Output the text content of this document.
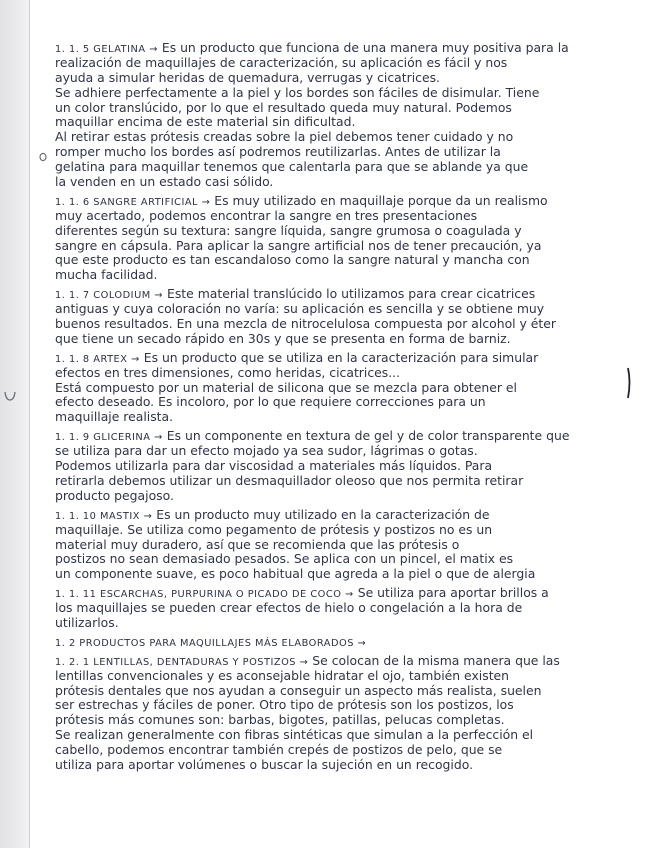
1. 1. 5 GELATINA → Es un producto que funciona de una manera muy positiva para la
realización de maquillajes de caracterización, su aplicación es fácil y nos
ayuda a simular heridas de quemadura, verrugas y cicatrices.
Se adhiere perfectamente a la piel y los bordes son fáciles de disimular. Tiene
un color translúcido, por lo que el resultado queda muy natural. Podemos
maquillar encima de este material sin dificultad.
Al retirar estas prótesis creadas sobre la piel debemos tener cuidado y no
romper mucho los bordes así podremos reutilizarlas. Antes de utilizar la
gelatina para maquillar tenemos que calentarla para que se ablande ya que
la venden en un estado casi sólido.
1. 1. 6 SANGRE ARTIFICIAL → Es muy utilizado en maquillaje porque da un realismo
muy acertado, podemos encontrar la sangre en tres presentaciones
diferentes según su textura: sangre líquida, sangre grumosa o coagulada y
sangre en cápsula. Para aplicar la sangre artificial nos de tener precaución, ya
que este producto es tan escandaloso como la sangre natural y mancha con
mucha facilidad.
1. 1. 7 COLODIUM → Este material translúcido lo utilizamos para crear cicatrices
antiguas y cuya coloración no varía: su aplicación es sencilla y se obtiene muy
buenos resultados. En una mezcla de nitrocelulosa compuesta por alcohol y éter
que tiene un secado rápido en 30s y que se presenta en forma de barniz.
1. 1. 8 ARTEX → Es un producto que se utiliza en la caracterización para simular
efectos en tres dimensiones, como heridas, cicatrices...
Está compuesto por un material de silicona que se mezcla para obtener el
efecto deseado. Es incoloro, por lo que requiere correcciones para un
maquillaje realista.
1. 1. 9 GLICERINA → Es un componente en textura de gel y de color transparente que
se utiliza para dar un efecto mojado ya sea sudor, lágrimas o gotas.
Podemos utilizarla para dar viscosidad a materiales más líquidos. Para
retirarla debemos utilizar un desmaquillador oleoso que nos permita retirar
producto pegajoso.
1. 1. 10 MASTIX → Es un producto muy utilizado en la caracterización de
maquillaje. Se utiliza como pegamento de prótesis y postizos no es un
material muy duradero, así que se recomienda que las prótesis o
postizos no sean demasiado pesados. Se aplica con un pincel, el matix es
un componente suave, es poco habitual que agreda a la piel o que de alergia
1. 1. 11 ESCARCHAS, PURPURINA O PICADO DE COCO → Se utiliza para aportar brillos a
los maquillajes se pueden crear efectos de hielo o congelación a la hora de
utilizarlos.
1. 2 PRODUCTOS PARA MAQUILLAJES MÁS ELABORADOS →
1. 2. 1 LENTILLAS, DENTADURAS Y POSTIZOS → Se colocan de la misma manera que las
lentillas convencionales y es aconsejable hidratar el ojo, también existen
prótesis dentales que nos ayudan a conseguir un aspecto más realista, suelen
ser estrechas y fáciles de poner. Otro tipo de prótesis son los postizos, los
prótesis más comunes son: barbas, bigotes, patillas, pelucas completas.
Se realizan generalmente con fibras sintéticas que simulan a la perfección el
cabello, podemos encontrar también crepés de postizos de pelo, que se
utiliza para aportar volúmenes o buscar la sujeción en un recogido.
